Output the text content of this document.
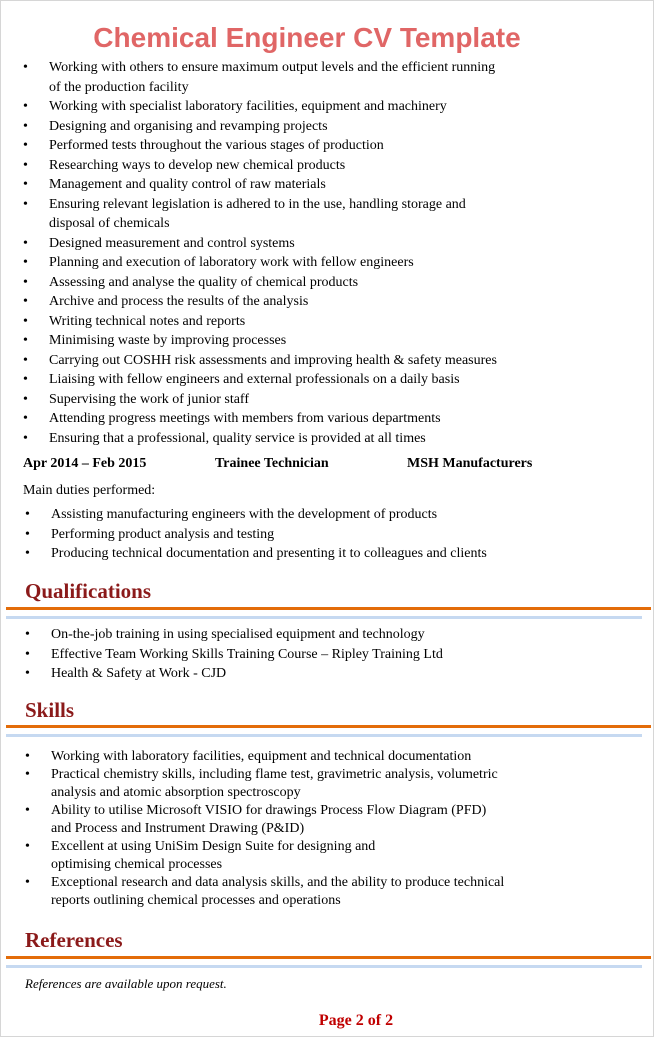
Chemical Engineer CV Template
• Working with others to ensure maximum output levels and the efficient running
of the production facility
• Working with specialist laboratory facilities, equipment and machinery
• Designing and organising and revamping projects
• Performed tests throughout the various stages of production
• Researching ways to develop new chemical products
• Management and quality control of raw materials
• Ensuring relevant legislation is adhered to in the use, handling storage and
disposal of chemicals
• Designed measurement and control systems
• Planning and execution of laboratory work with fellow engineers
• Assessing and analyse the quality of chemical products
• Archive and process the results of the analysis
• Writing technical notes and reports
• Minimising waste by improving processes
• Carrying out COSHH risk assessments and improving health & safety measures
• Liaising with fellow engineers and external professionals on a daily basis
• Supervising the work of junior staff
• Attending progress meetings with members from various departments
• Ensuring that a professional, quality service is provided at all times
Apr 2014 – Feb 2015	Trainee Technician	MSH Manufacturers
Main duties performed:
• Assisting manufacturing engineers with the development of products
• Performing product analysis and testing
• Producing technical documentation and presenting it to colleagues and clients
Qualifications
• On-the-job training in using specialised equipment and technology
• Effective Team Working Skills Training Course – Ripley Training Ltd
• Health & Safety at Work - CJD
Skills
• Working with laboratory facilities, equipment and technical documentation
• Practical chemistry skills, including flame test, gravimetric analysis, volumetric
analysis and atomic absorption spectroscopy
• Ability to utilise Microsoft VISIO for drawings Process Flow Diagram (PFD)
and Process and Instrument Drawing (P&ID)
• Excellent at using UniSim Design Suite for designing and
optimising chemical processes
• Exceptional research and data analysis skills, and the ability to produce technical
reports outlining chemical processes and operations
References
References are available upon request.
Page 2 of 2
